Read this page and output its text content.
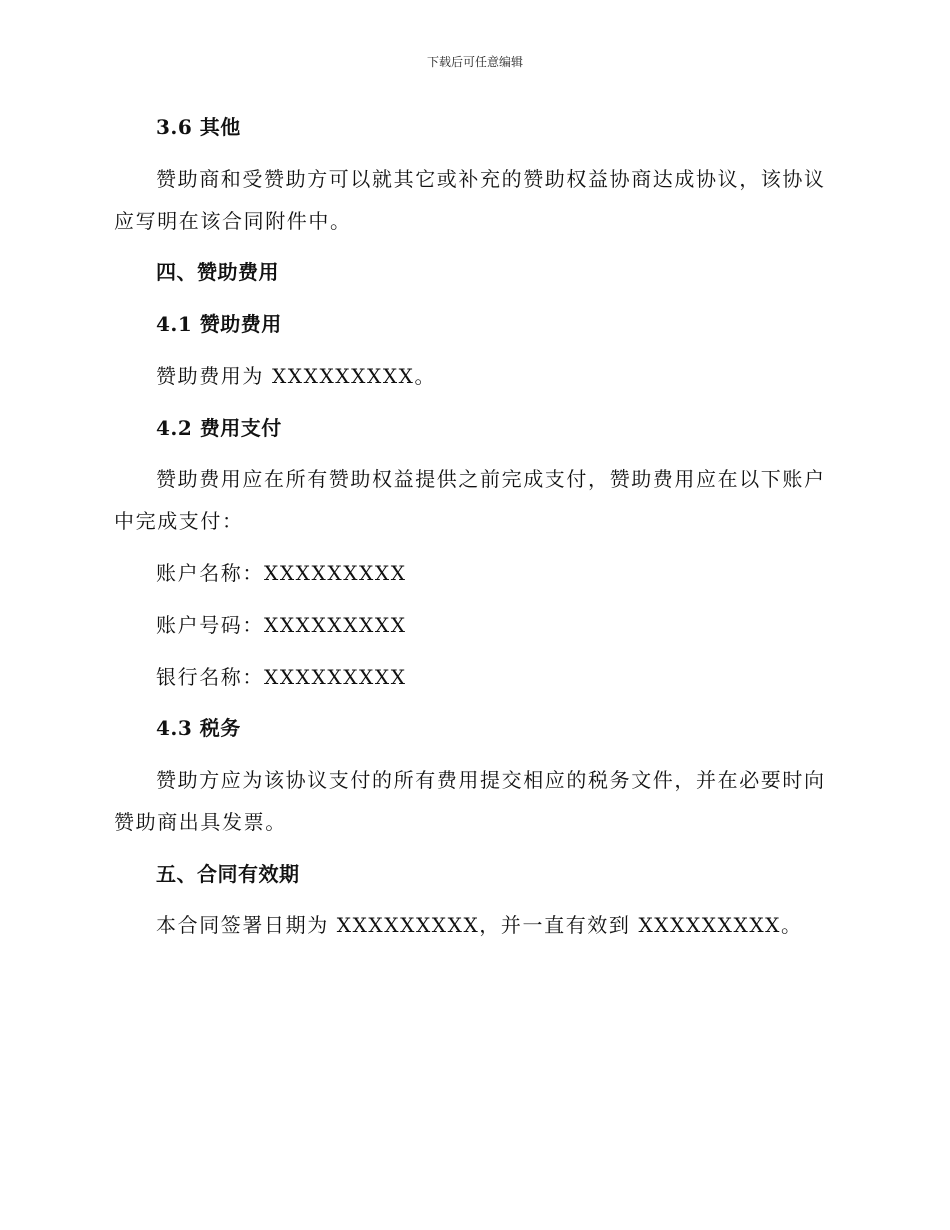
下载后可任意编辑

3.6 其他

赞助商和受赞助方可以就其它或补充的赞助权益协商达成协议，该协议

应写明在该合同附件中。

四、赞助费用

4.1 赞助费用

赞助费用为 XXXXXXXXX。

4.2 费用支付

赞助费用应在所有赞助权益提供之前完成支付，赞助费用应在以下账户

中完成支付：

账户名称：XXXXXXXXX

账户号码：XXXXXXXXX

银行名称：XXXXXXXXX

4.3 税务

赞助方应为该协议支付的所有费用提交相应的税务文件，并在必要时向

赞助商出具发票。

五、合同有效期

本合同签署日期为 XXXXXXXXX，并一直有效到 XXXXXXXXX。
